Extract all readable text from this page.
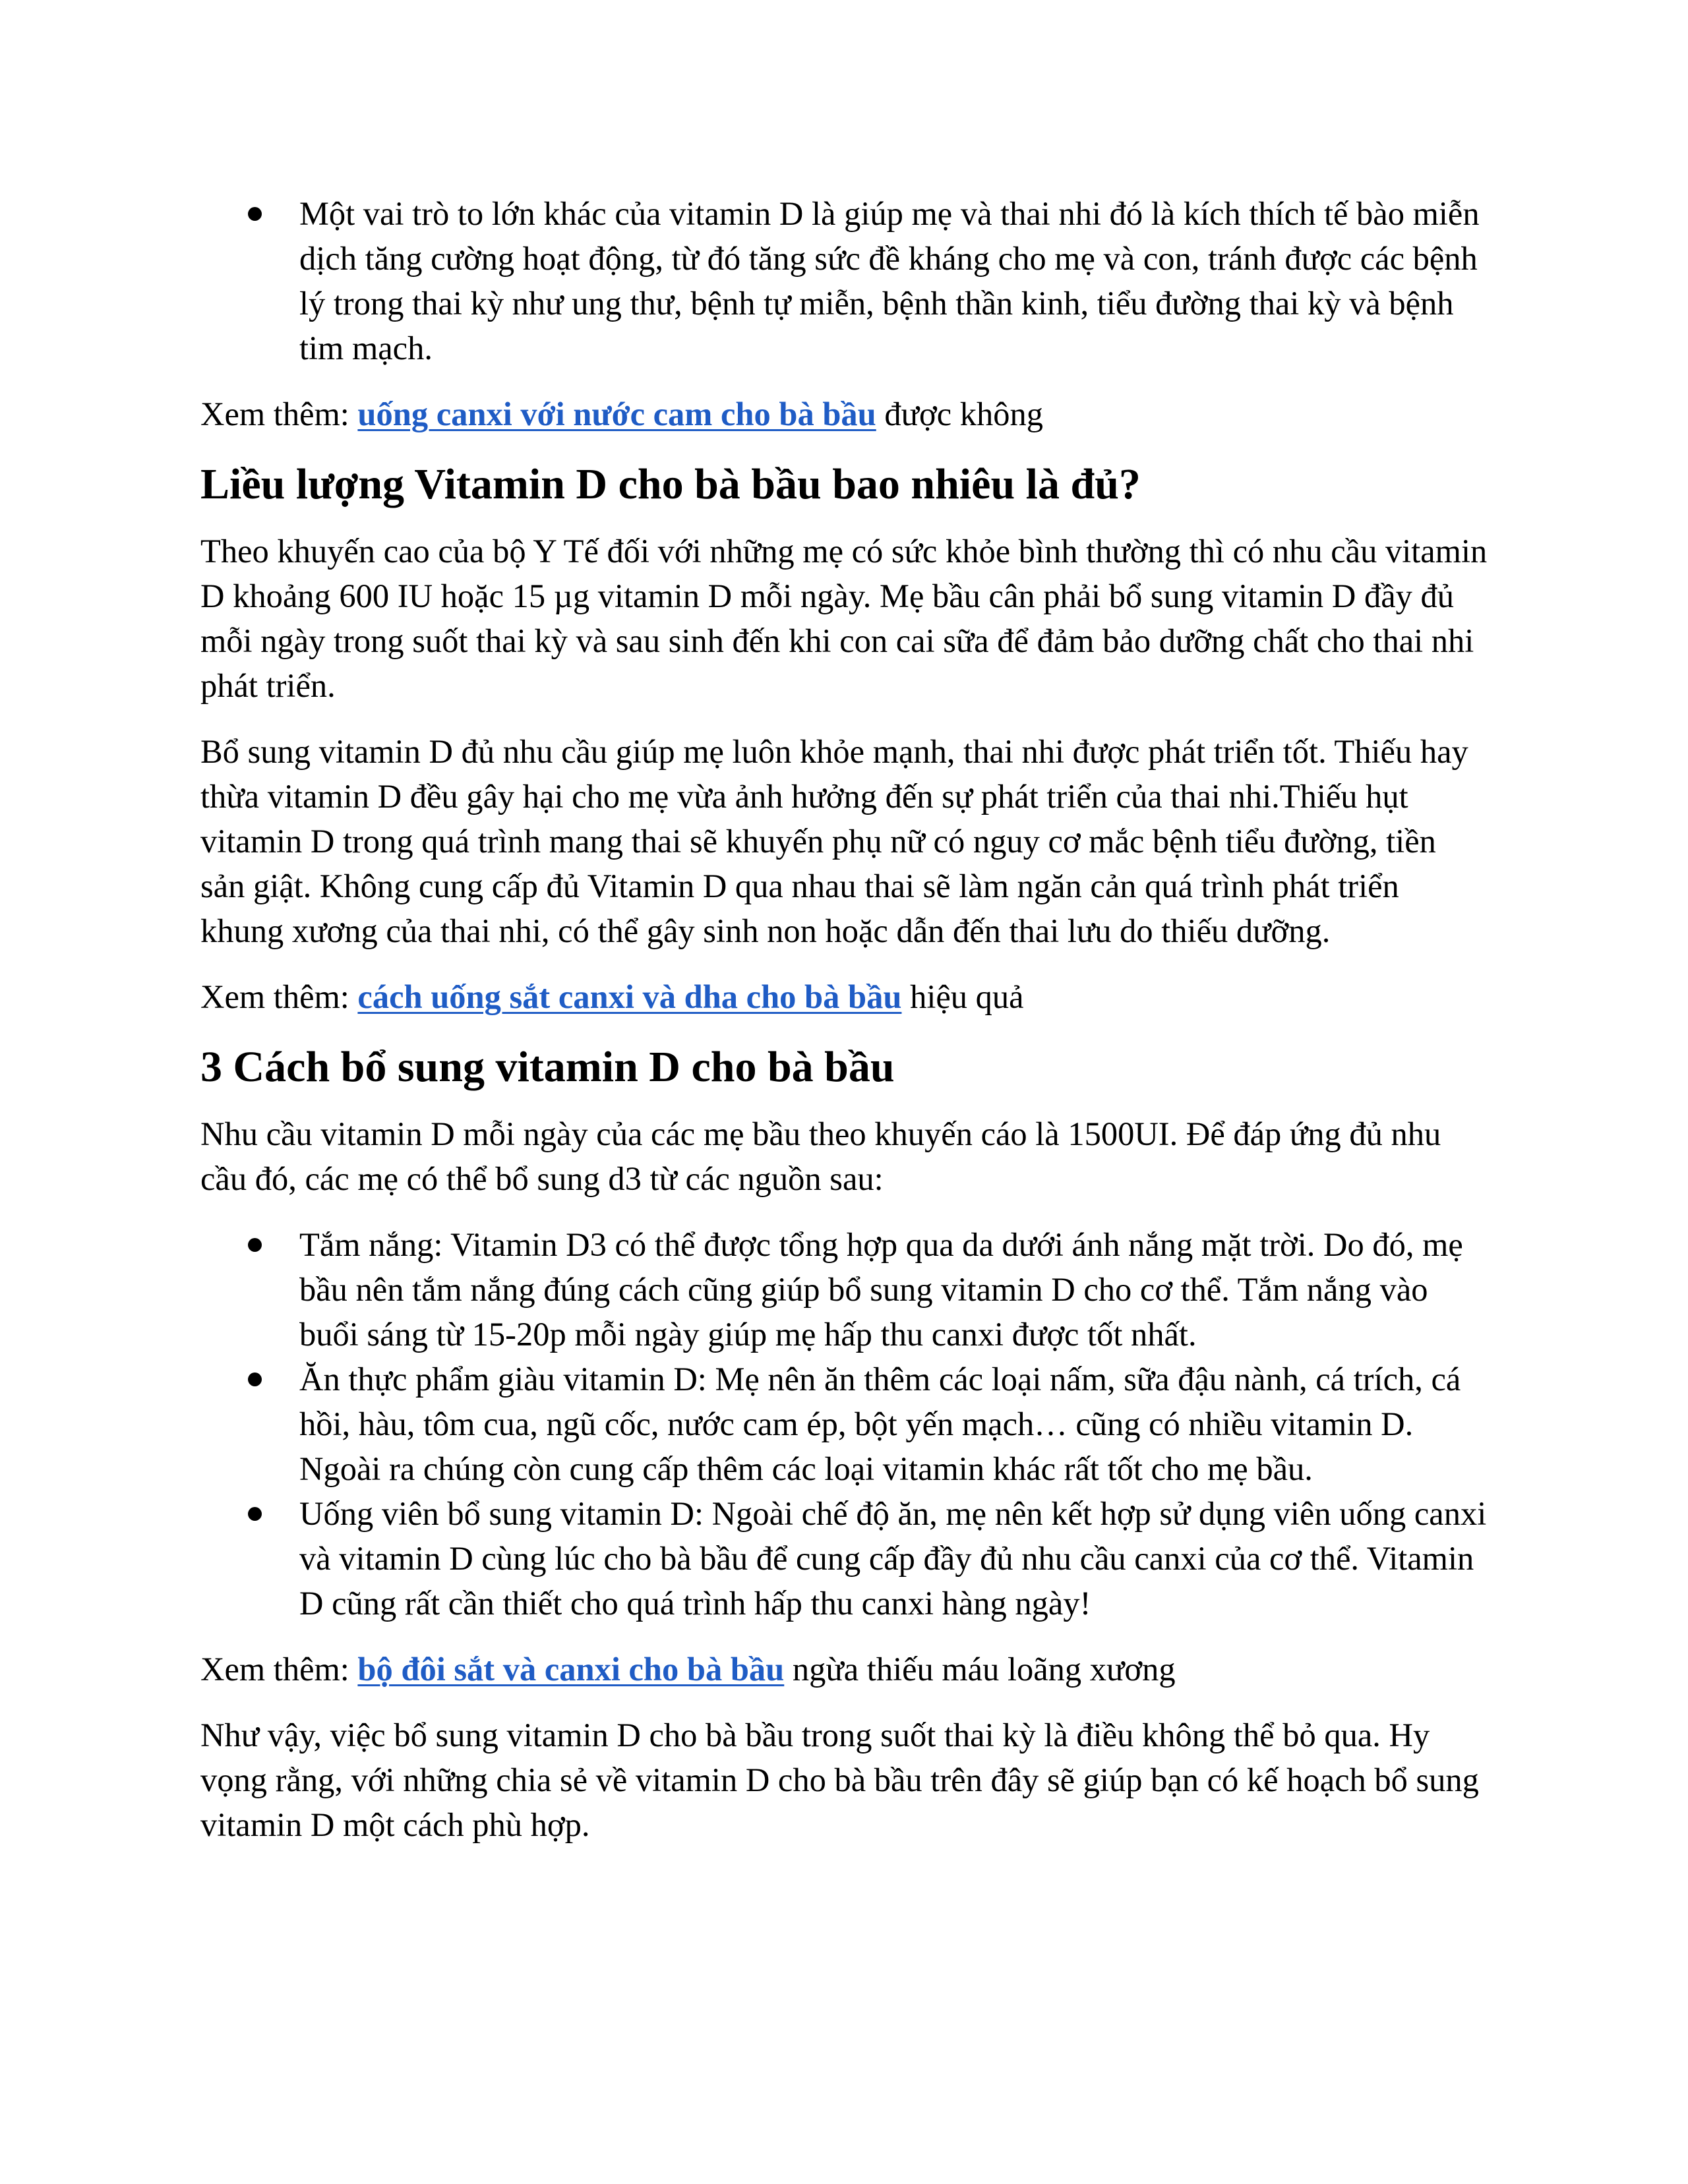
Một vai trò to lớn khác của vitamin D là giúp mẹ và thai nhi đó là kích thích tế bào miễn dịch tăng cường hoạt động, từ đó tăng sức đề kháng cho mẹ và con, tránh được các bệnh lý trong thai kỳ như ung thư, bệnh tự miễn, bệnh thần kinh, tiểu đường thai kỳ và bệnh tim mạch.

Xem thêm: uống canxi với nước cam cho bà bầu được không

Liều lượng Vitamin D cho bà bầu bao nhiêu là đủ?

Theo khuyến cao của bộ Y Tế đối với những mẹ có sức khỏe bình thường thì có nhu cầu vitamin D khoảng 600 IU hoặc 15 µg vitamin D mỗi ngày. Mẹ bầu cân phải bổ sung vitamin D đầy đủ mỗi ngày trong suốt thai kỳ và sau sinh đến khi con cai sữa để đảm bảo dưỡng chất cho thai nhi phát triển.

Bổ sung vitamin D đủ nhu cầu giúp mẹ luôn khỏe mạnh, thai nhi được phát triển tốt. Thiếu hay thừa vitamin D đều gây hại cho mẹ vừa ảnh hưởng đến sự phát triển của thai nhi.Thiếu hụt vitamin D trong quá trình mang thai sẽ khuyến phụ nữ có nguy cơ mắc bệnh tiểu đường, tiền sản giật. Không cung cấp đủ Vitamin D qua nhau thai sẽ làm ngăn cản quá trình phát triển khung xương của thai nhi, có thể gây sinh non hoặc dẫn đến thai lưu do thiếu dưỡng.

Xem thêm: cách uống sắt canxi và dha cho bà bầu hiệu quả

3 Cách bổ sung vitamin D cho bà bầu

Nhu cầu vitamin D mỗi ngày của các mẹ bầu theo khuyến cáo là 1500UI. Để đáp ứng đủ nhu cầu đó, các mẹ có thể bổ sung d3 từ các nguồn sau:

Tắm nắng: Vitamin D3 có thể được tổng hợp qua da dưới ánh nắng mặt trời. Do đó, mẹ bầu nên tắm nắng đúng cách cũng giúp bổ sung vitamin D cho cơ thể. Tắm nắng vào buổi sáng từ 15-20p mỗi ngày giúp mẹ hấp thu canxi được tốt nhất.
Ăn thực phẩm giàu vitamin D: Mẹ nên ăn thêm các loại nấm, sữa đậu nành, cá trích, cá hồi, hàu, tôm cua, ngũ cốc, nước cam ép, bột yến mạch… cũng có nhiều vitamin D. Ngoài ra chúng còn cung cấp thêm các loại vitamin khác rất tốt cho mẹ bầu.
Uống viên bổ sung vitamin D: Ngoài chế độ ăn, mẹ nên kết hợp sử dụng viên uống canxi và vitamin D cùng lúc cho bà bầu để cung cấp đầy đủ nhu cầu canxi của cơ thể. Vitamin D cũng rất cần thiết cho quá trình hấp thu canxi hàng ngày!

Xem thêm: bộ đôi sắt và canxi cho bà bầu ngừa thiếu máu loãng xương

Như vậy, việc bổ sung vitamin D cho bà bầu trong suốt thai kỳ là điều không thể bỏ qua. Hy vọng rằng, với những chia sẻ về vitamin D cho bà bầu trên đây sẽ giúp bạn có kế hoạch bổ sung vitamin D một cách phù hợp.
